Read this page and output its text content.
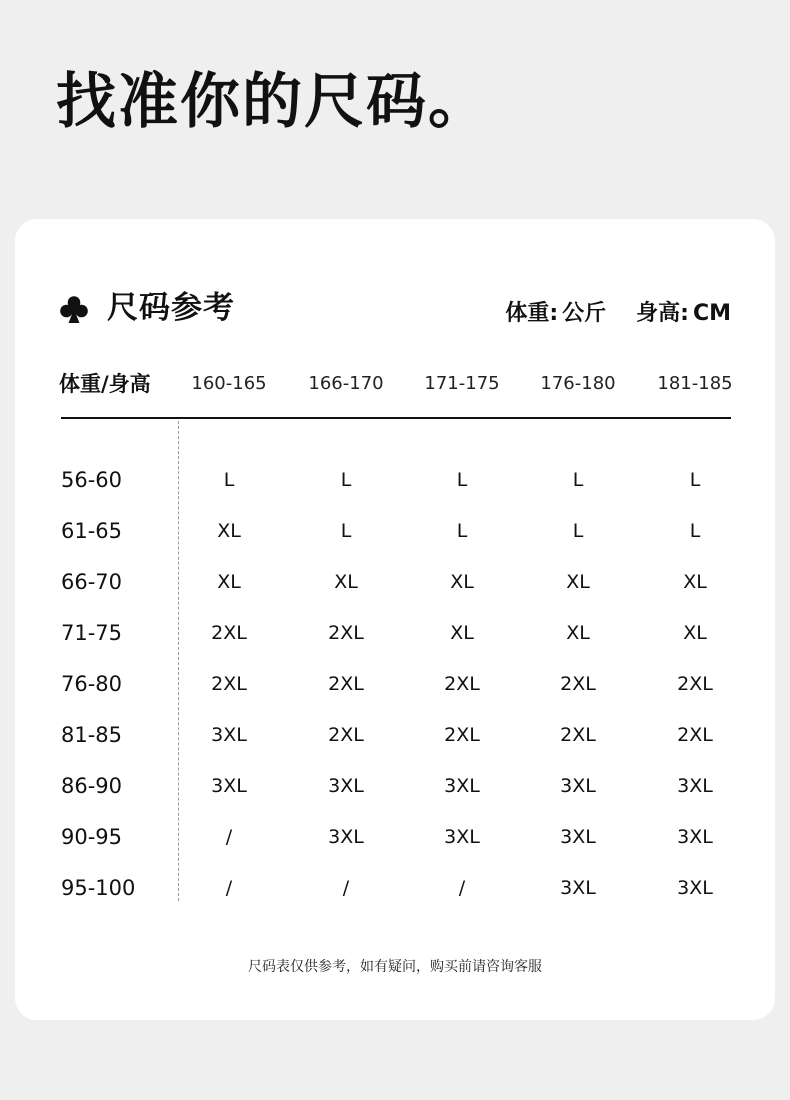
找准你的尺码。
尺码参考	体重: 公斤 身高: CM
体重/身高	160-165	166-170	171-175	176-180	181-185
56-60	L	L	L	L	L
61-65	XL	L	L	L	L
66-70	XL	XL	XL	XL	XL
71-75	2XL	2XL	XL	XL	XL
76-80	2XL	2XL	2XL	2XL	2XL
81-85	3XL	2XL	2XL	2XL	2XL
86-90	3XL	3XL	3XL	3XL	3XL
90-95	/	3XL	3XL	3XL	3XL
95-100	/	/	/	3XL	3XL
尺码表仅供参考，如有疑问，购买前请咨询客服
